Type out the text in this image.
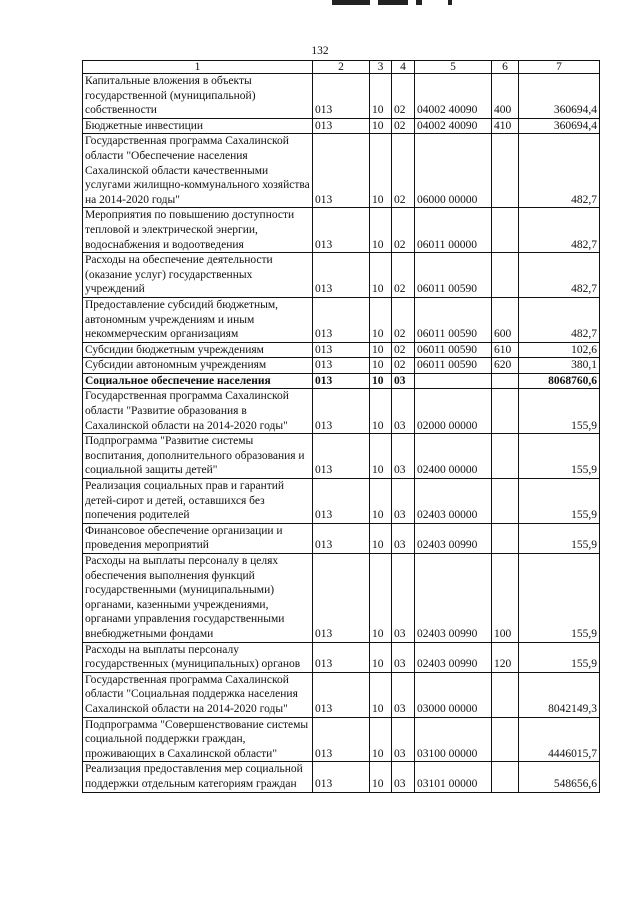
132
1	2	3	4	5	6	7
Капитальные вложения в объекты государственной (муниципальной) собственности	013	10	02	04002 40090	400	360694,4
Бюджетные инвестиции	013	10	02	04002 40090	410	360694,4
Государственная программа Сахалинской области "Обеспечение населения Сахалинской области качественными услугами жилищно-коммунального хозяйства на 2014-2020 годы"	013	10	02	06000 00000		482,7
Мероприятия по повышению доступности тепловой и электрической энергии, водоснабжения и водоотведения	013	10	02	06011 00000		482,7
Расходы на обеспечение деятельности (оказание услуг) государственных учреждений	013	10	02	06011 00590		482,7
Предоставление субсидий бюджетным, автономным учреждениям и иным некоммерческим организациям	013	10	02	06011 00590	600	482,7
Субсидии бюджетным учреждениям	013	10	02	06011 00590	610	102,6
Субсидии автономным учреждениям	013	10	02	06011 00590	620	380,1
Социальное обеспечение населения	013	10	03			8068760,6
Государственная программа Сахалинской области "Развитие образования в Сахалинской области на 2014-2020 годы"	013	10	03	02000 00000		155,9
Подпрограмма "Развитие системы воспитания, дополнительного образования и социальной защиты детей"	013	10	03	02400 00000		155,9
Реализация социальных прав и гарантий детей-сирот и детей, оставшихся без попечения родителей	013	10	03	02403 00000		155,9
Финансовое обеспечение организации и проведения мероприятий	013	10	03	02403 00990		155,9
Расходы на выплаты персоналу в целях обеспечения выполнения функций государственными (муниципальными) органами, казенными учреждениями, органами управления государственными внебюджетными фондами	013	10	03	02403 00990	100	155,9
Расходы на выплаты персоналу государственных (муниципальных) органов	013	10	03	02403 00990	120	155,9
Государственная программа Сахалинской области "Социальная поддержка населения Сахалинской области на 2014-2020 годы"	013	10	03	03000 00000		8042149,3
Подпрограмма "Совершенствование системы социальной поддержки граждан, проживающих в Сахалинской области"	013	10	03	03100 00000		4446015,7
Реализация предоставления мер социальной поддержки отдельным категориям граждан	013	10	03	03101 00000		548656,6
